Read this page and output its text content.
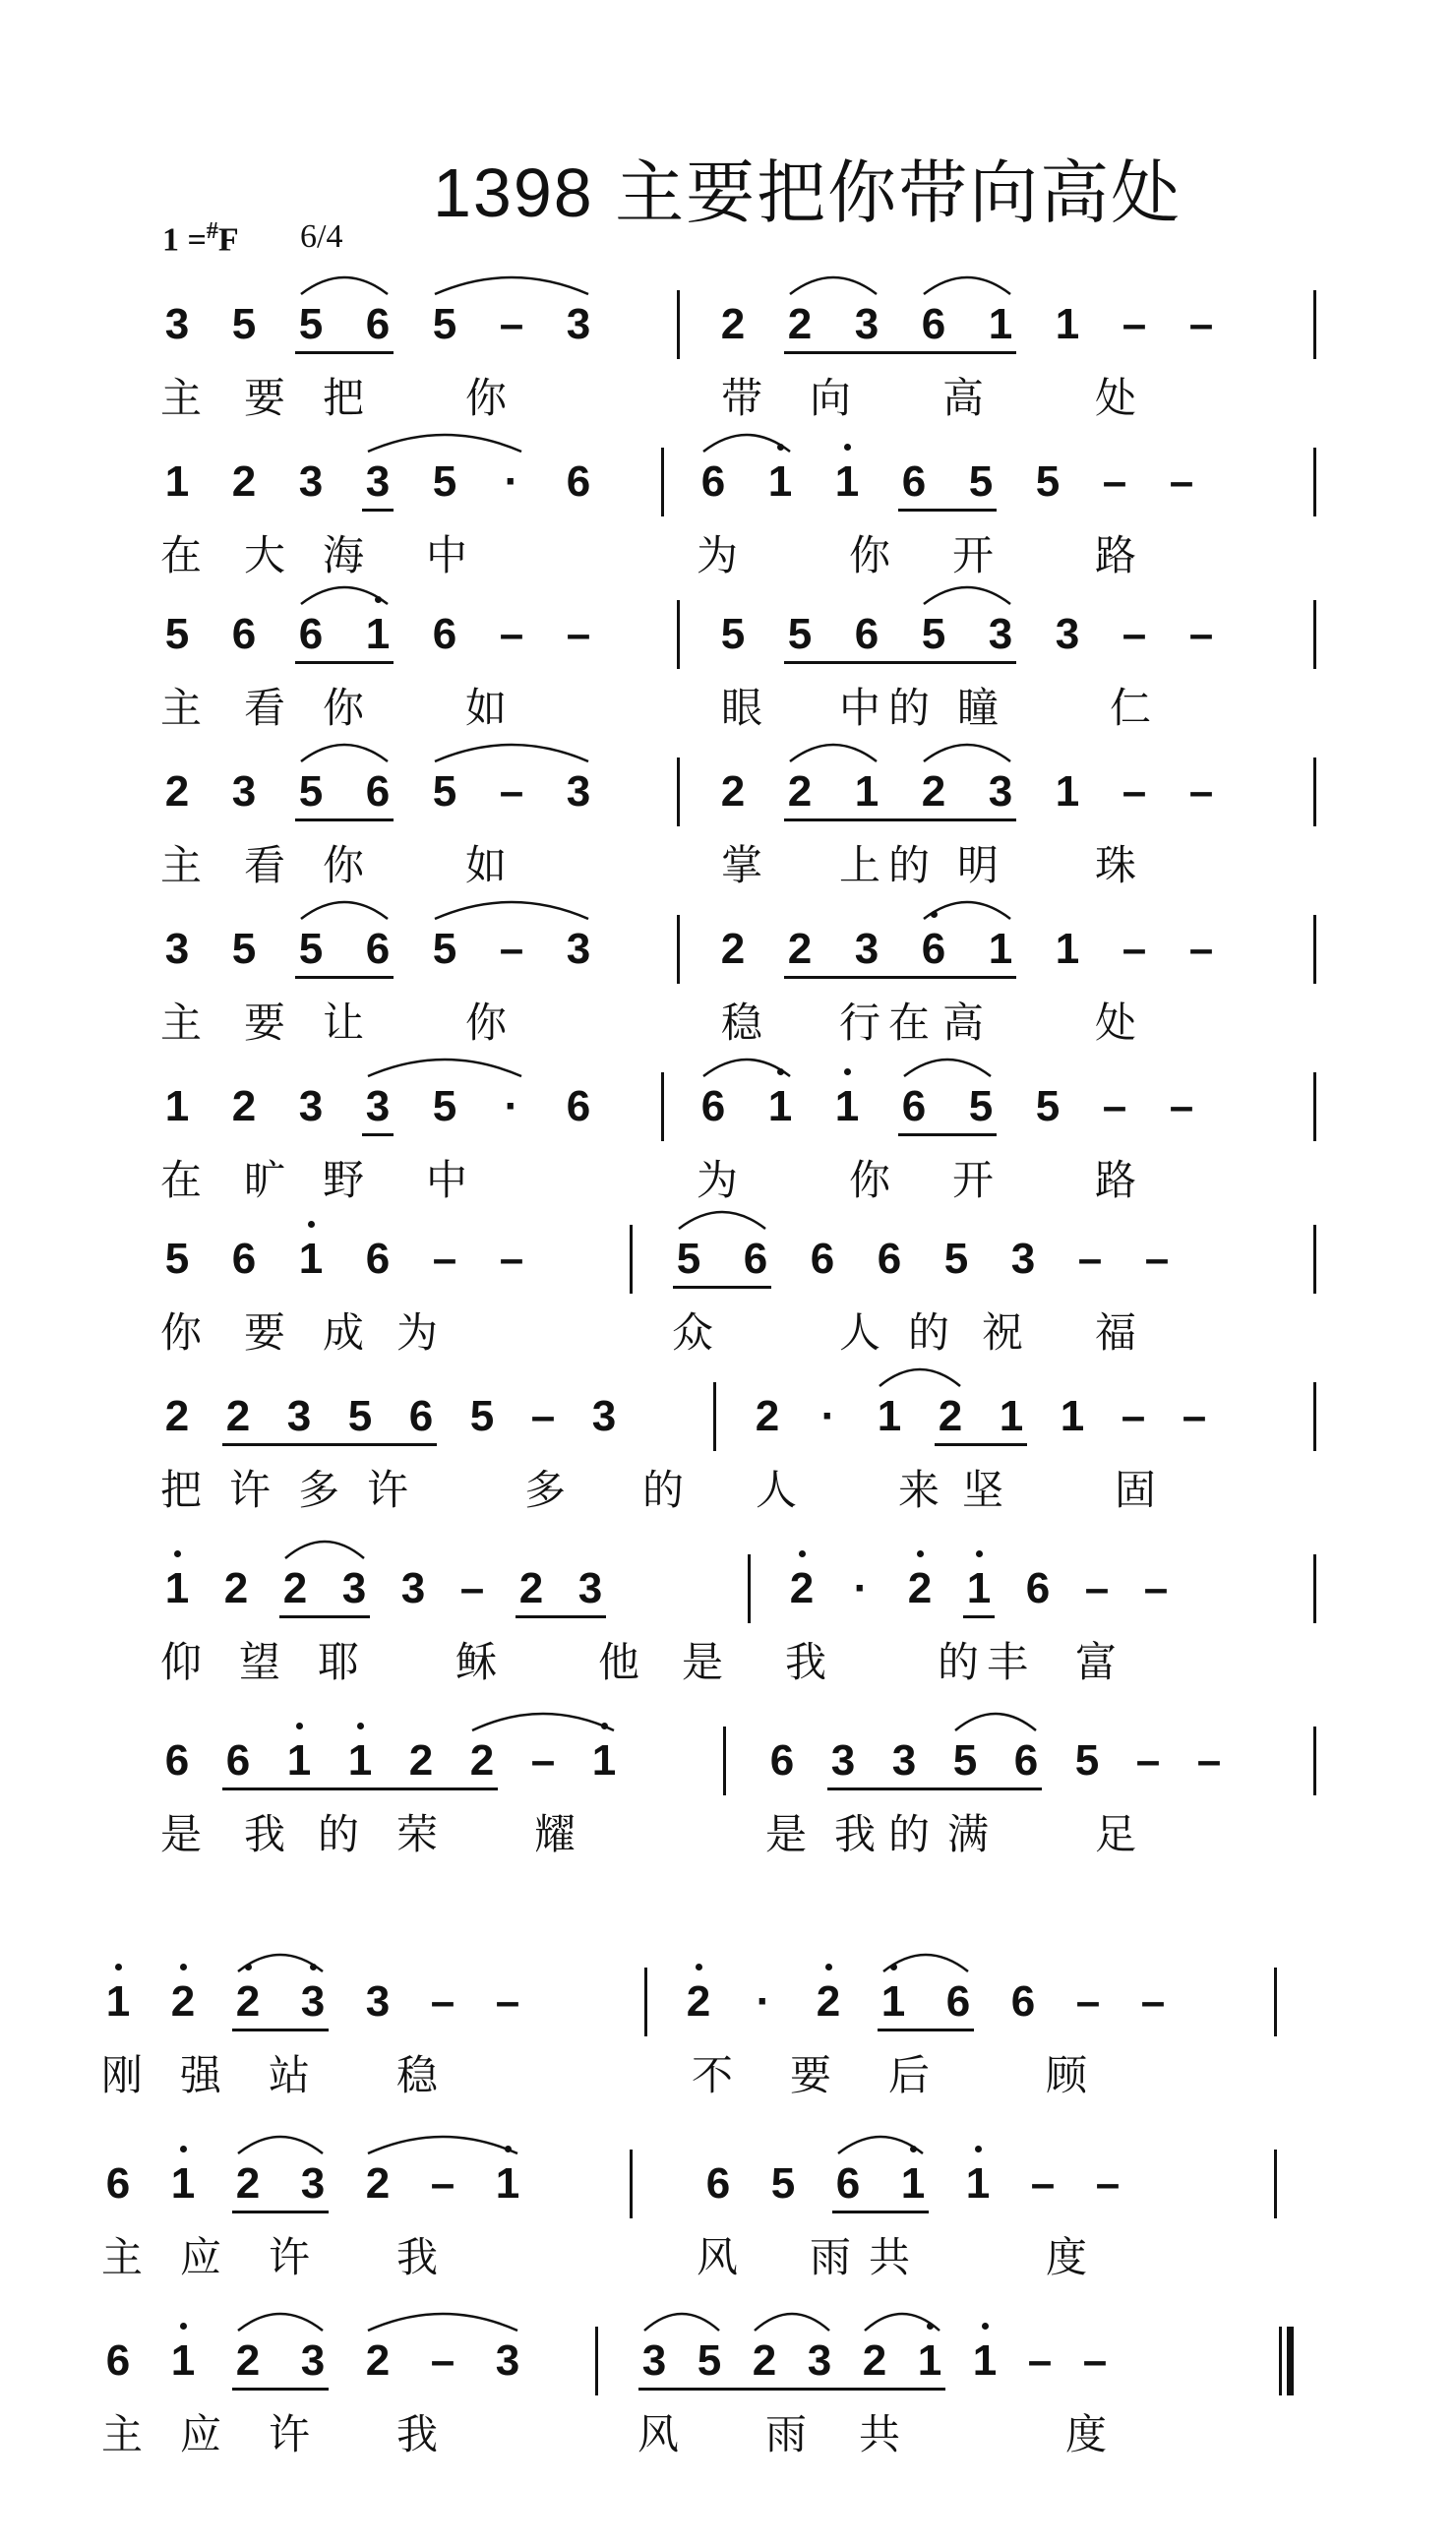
1398 主要把你带向高处
1 =#F 6/4
3 5 5 6 5 – 3	2 2 3 6 1 1 – –
主 要 把 你	带 向 高	处
1 2 3 3 5 · 6	6 1 1 6 5 5 – –
在 大 海 中	为	你 开 路
5 6 6 1 6 – –	5 5 6 5 3 3 – –
主 看 你 如	眼 中 的 瞳	仁
2 3 5 6 5 – 3	2 2 1 2 3 1 – –
主 看 你 如	掌 上 的 明 珠
3 5 5 6 5 – 3	2 2 3 6 1 1 – –
主 要 让 你	稳 行 在 高	处
1 2 3 3 5 · 6	6 1 1 6 5 5 – –
在 旷 野 中	为	你 开 路
5 6 1 6 – –	5 6 6 6 5 3 – –
你 要 成 为	众	人 的 祝 福
2 2 3 5 6 5 – 3	2 · 1 2 1 1 – –
把 许 多 许	多 的 人 来 坚	固
1 2 2 3 3 – 2 3	2 · 2 1 6 – –
仰 望 耶 稣 他 是 我	的 丰 富
6 6 1 1 2 2 – 1	6 3 3 5 6 5 – –
是 我 的 荣 耀	是 我 的 满	足
1 2 2 3 3 – –	2 · 2 1 6 6 – –
刚 强 站 稳	不 要 后	顾
6 1 2 3 2 – 1	6 5 6 1 1 – –
主 应 许 我	风 雨 共	度
6 1 2 3 2 – 3	3 5 2 3 2 1 1 – –
主 应 许 我	风 雨 共	度
